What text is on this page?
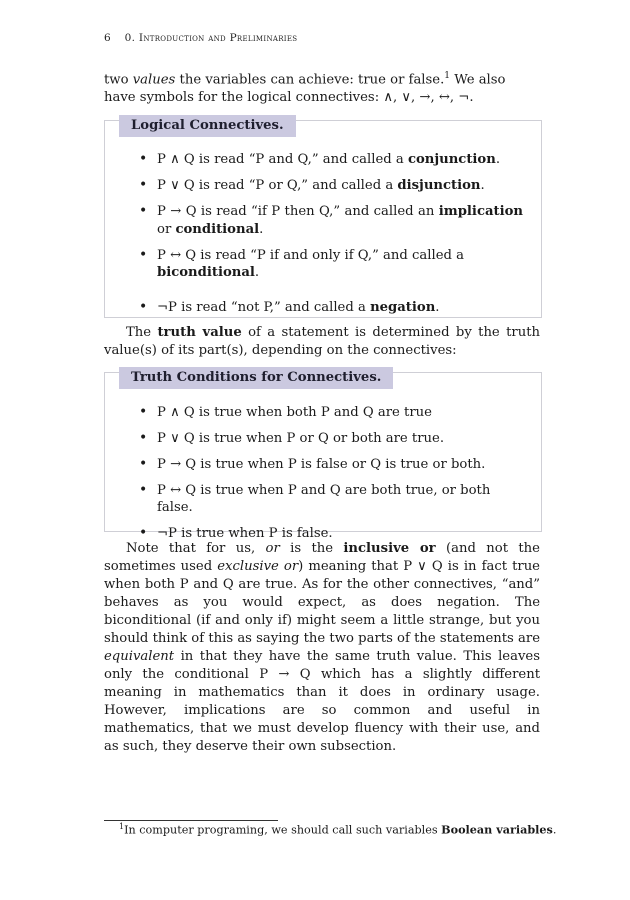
6 0. Introduction and Preliminaries
two values the variables can achieve: true or false.$^1$ We also have symbols for the logical connectives: ∧, ∨, →, ↔, ¬.
Logical Connectives.
• P ∧ Q is read “P and Q,” and called a conjunction.
• P ∨ Q is read “P or Q,” and called a disjunction.
• P → Q is read “if P then Q,” and called an implication or conditional.
• P ↔ Q is read “P if and only if Q,” and called a biconditional.
• ¬P is read “not P,” and called a negation.
The truth value of a statement is determined by the truth value(s) of its part(s), depending on the connectives:
Truth Conditions for Connectives.
• P ∧ Q is true when both P and Q are true
• P ∨ Q is true when P or Q or both are true.
• P → Q is true when P is false or Q is true or both.
• P ↔ Q is true when P and Q are both true, or both false.
• ¬P is true when P is false.
Note that for us, or is the inclusive or (and not the sometimes used exclusive or) meaning that P ∨ Q is in fact true when both P and Q are true. As for the other connectives, “and” behaves as you would expect, as does negation. The biconditional (if and only if) might seem a little strange, but you should think of this as saying the two parts of the statements are equivalent in that they have the same truth value. This leaves only the conditional P → Q which has a slightly different meaning in mathematics than it does in ordinary usage. However, implications are so common and useful in mathematics, that we must develop fluency with their use, and as such, they deserve their own subsection.
$^1$In computer programing, we should call such variables Boolean variables.
